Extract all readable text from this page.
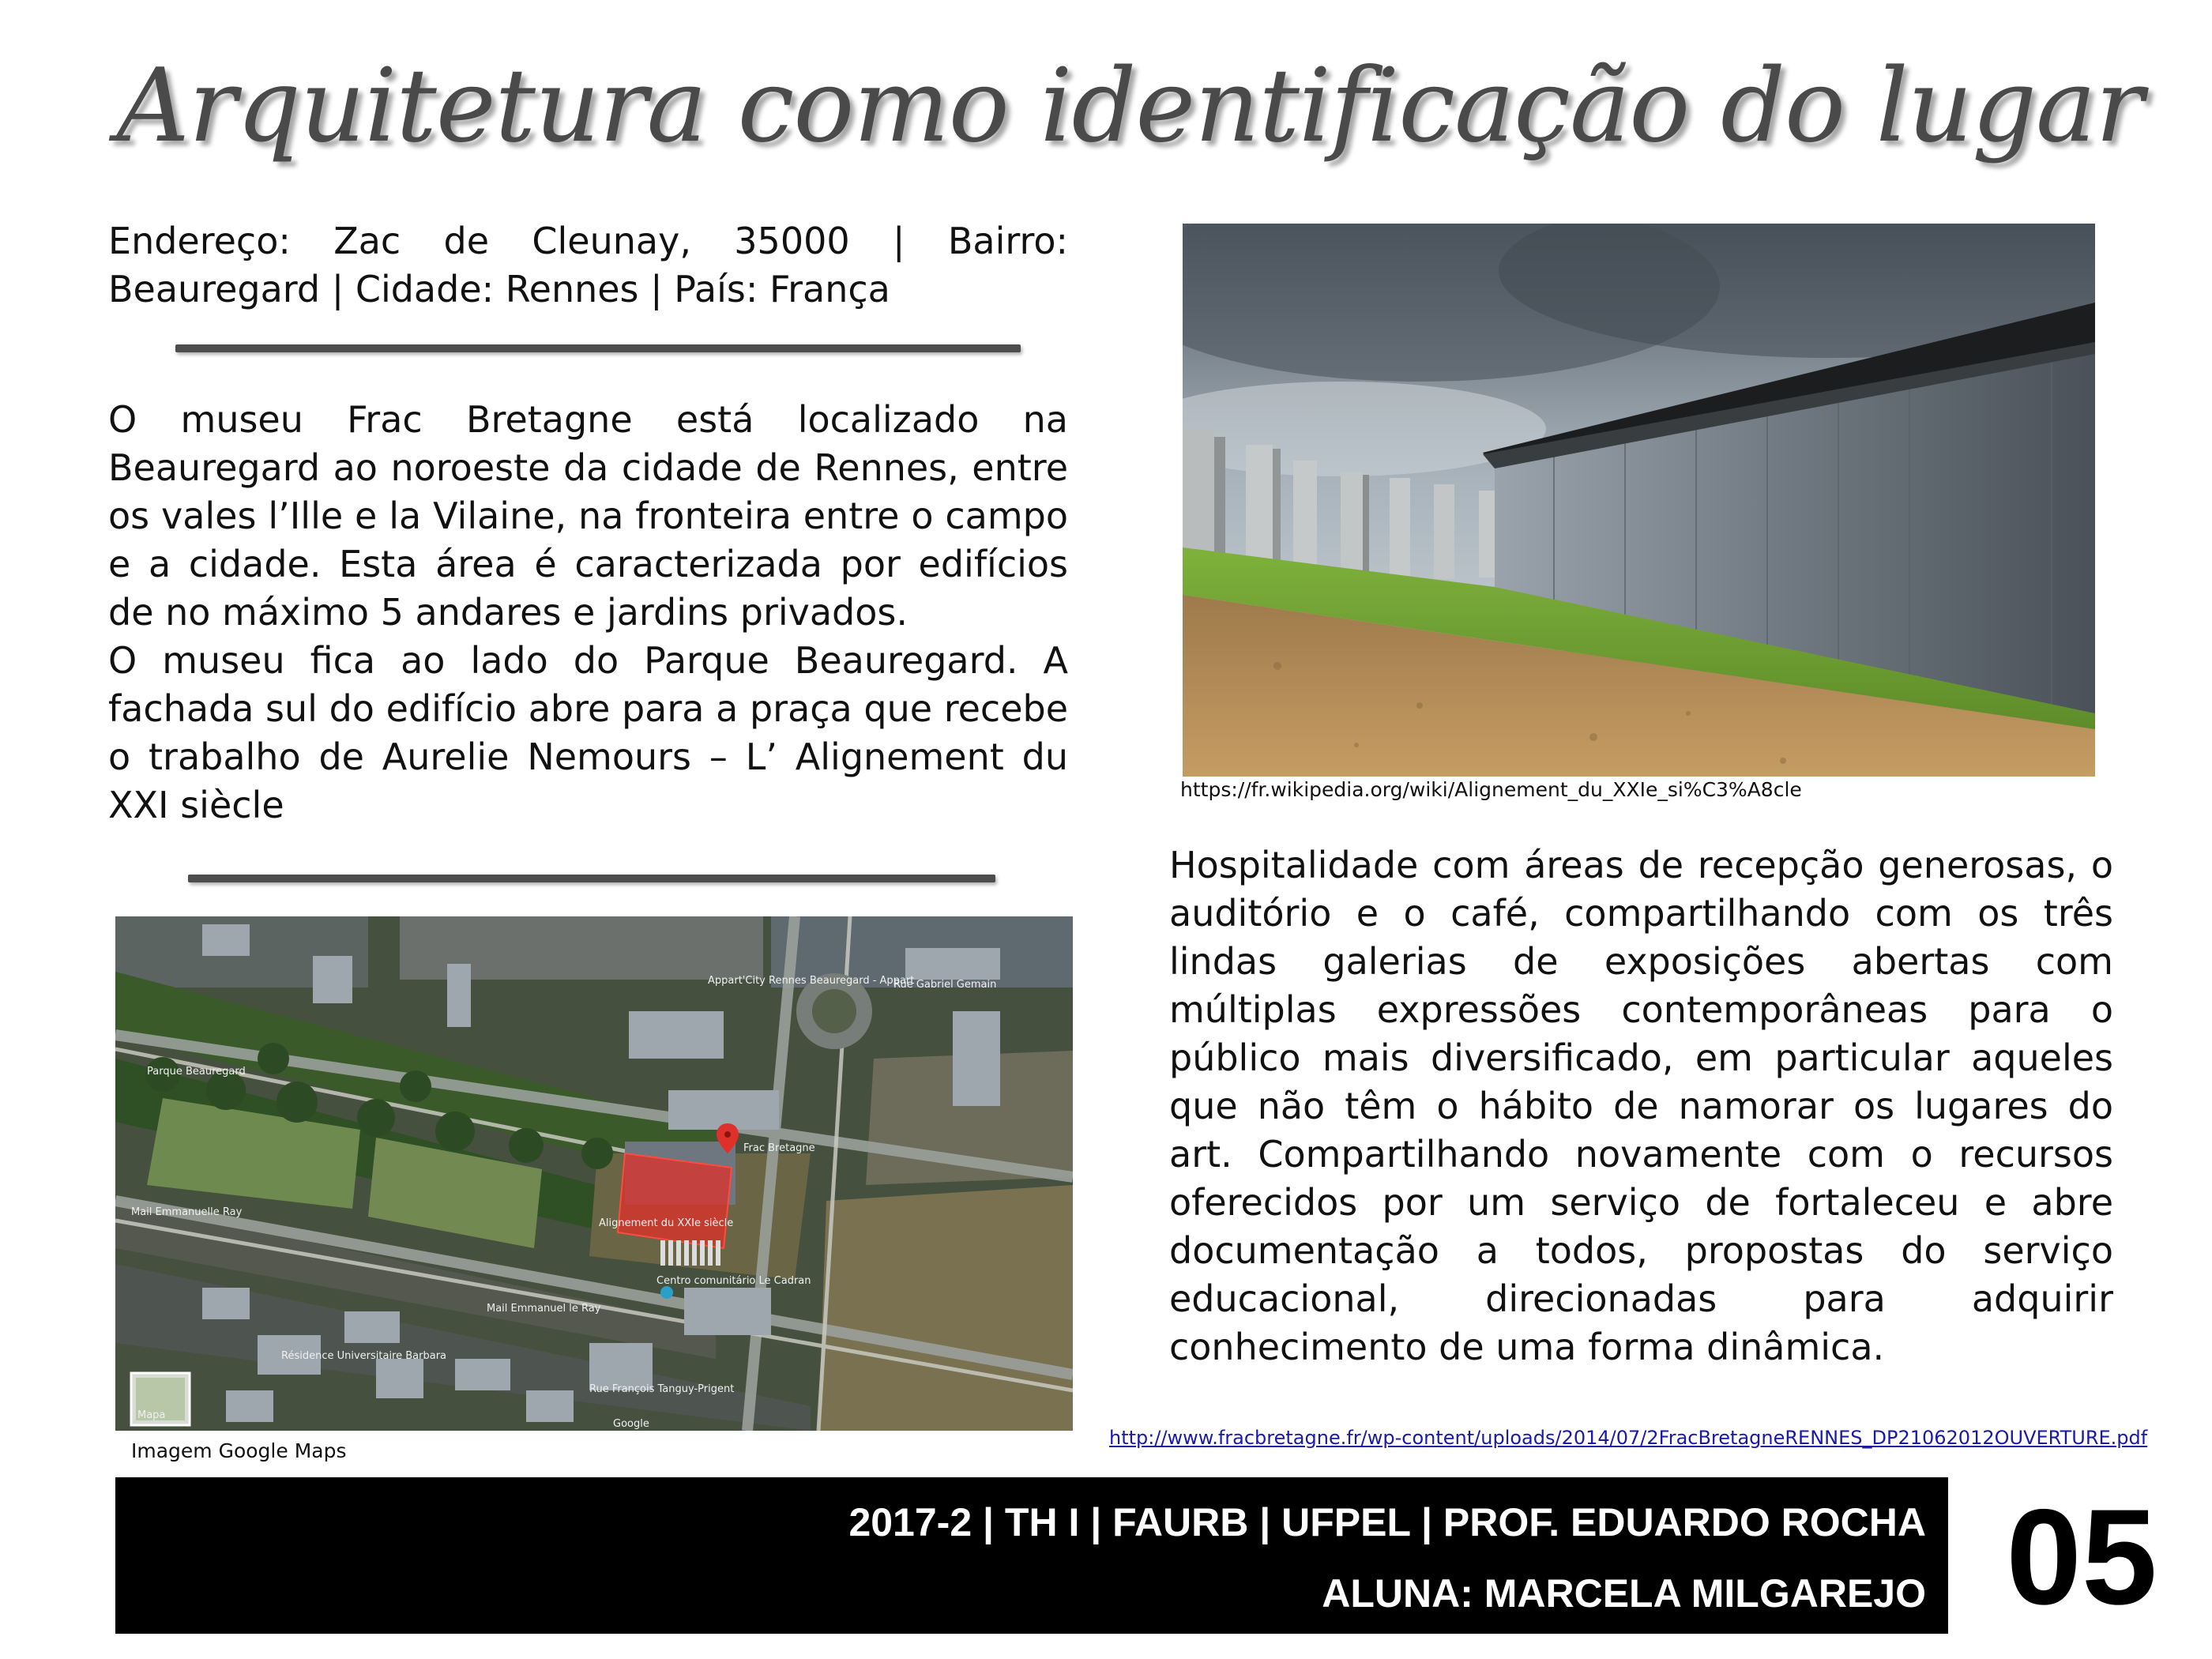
Arquitetura como identificação do lugar

Endereço: Zac de Cleunay, 35000 | Bairro: Beauregard | Cidade: Rennes | País: França

O museu Frac Bretagne está localizado na Beauregard ao noroeste da cidade de Rennes, entre os vales l’Ille e la Vilaine, na fronteira entre o campo e a cidade. Esta área é caracterizada por edifícios de no máximo 5 andares e jardins privados.

O museu fica ao lado do Parque Beauregard. A fachada sul do edifício abre para a praça que recebe o trabalho de Aurelie Nemours – L’ Alignement du XXI siècle	https://fr.wikipedia.org/wiki/Alignement_du_XXIe_si%C3%A8cle
Frac Bretagne
Alignement du XXIe siècle
Parque Beauregard
Appart'City Rennes Beauregard - Appart
Rue Gabriel Gemain
Centro comunitário Le Cadran
Résidence Universitaire Barbara
Mail Emmanuelle Ray
Mail Emmanuel le Ray
Rue François Tanguy-Prigent
Google
Mapa
Imagem Google Maps

Hospitalidade com áreas de recepção generosas, o auditório e o café, compartilhando com os três lindas galerias de exposições abertas com múltiplas expressões contemporâneas para o público mais diversificado, em particular aqueles que não têm o hábito de namorar os lugares do art. Compartilhando novamente com o recursos oferecidos por um serviço de fortaleceu e abre documentação a todos, propostas do serviço educacional, direcionadas para adquirir conhecimento de uma forma dinâmica.

http://www.fracbretagne.fr/wp-content/uploads/2014/07/2FracBretagneRENNES_DP21062012OUVERTURE.pdf
2017-2 | TH I | FAURB | UFPEL | PROF. EDUARDO ROCHA
ALUNA: MARCELA MILGAREJO 05
